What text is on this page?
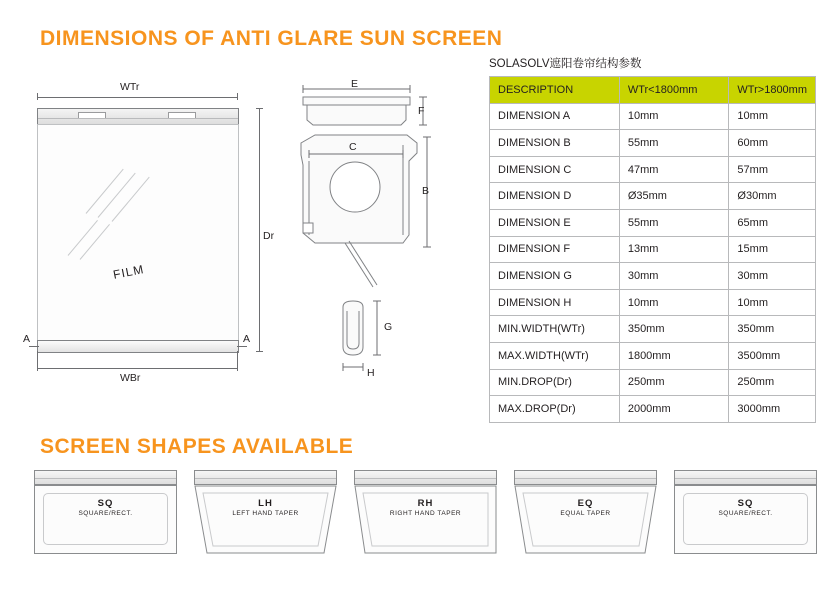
DIMENSIONS OF ANTI GLARE SUN SCREEN
SCREEN SHAPES AVAILABLE
WTr
FILM
Dr
A	A
WBr
E
F
C
B
G
H
SOLASOLV遮阳卷帘结构参数
DESCRIPTION	WTr<1800mm	WTr>1800mm
DIMENSION A	10mm	10mm
DIMENSION B	55mm	60mm
DIMENSION C	47mm	57mm
DIMENSION D	Ø35mm	Ø30mm
DIMENSION E	55mm	65mm
DIMENSION F	13mm	15mm
DIMENSION G	30mm	30mm
DIMENSION H	10mm	10mm
MIN.WIDTH(WTr)	350mm	350mm
MAX.WIDTH(WTr)	1800mm	3500mm
MIN.DROP(Dr)	250mm	250mm
MAX.DROP(Dr)	2000mm	3000mm
SQ
SQUARE/RECT.
LH
LEFT HAND TAPER
RH
RIGHT HAND TAPER
EQ
EQUAL TAPER
SQ
SQUARE/RECT.
